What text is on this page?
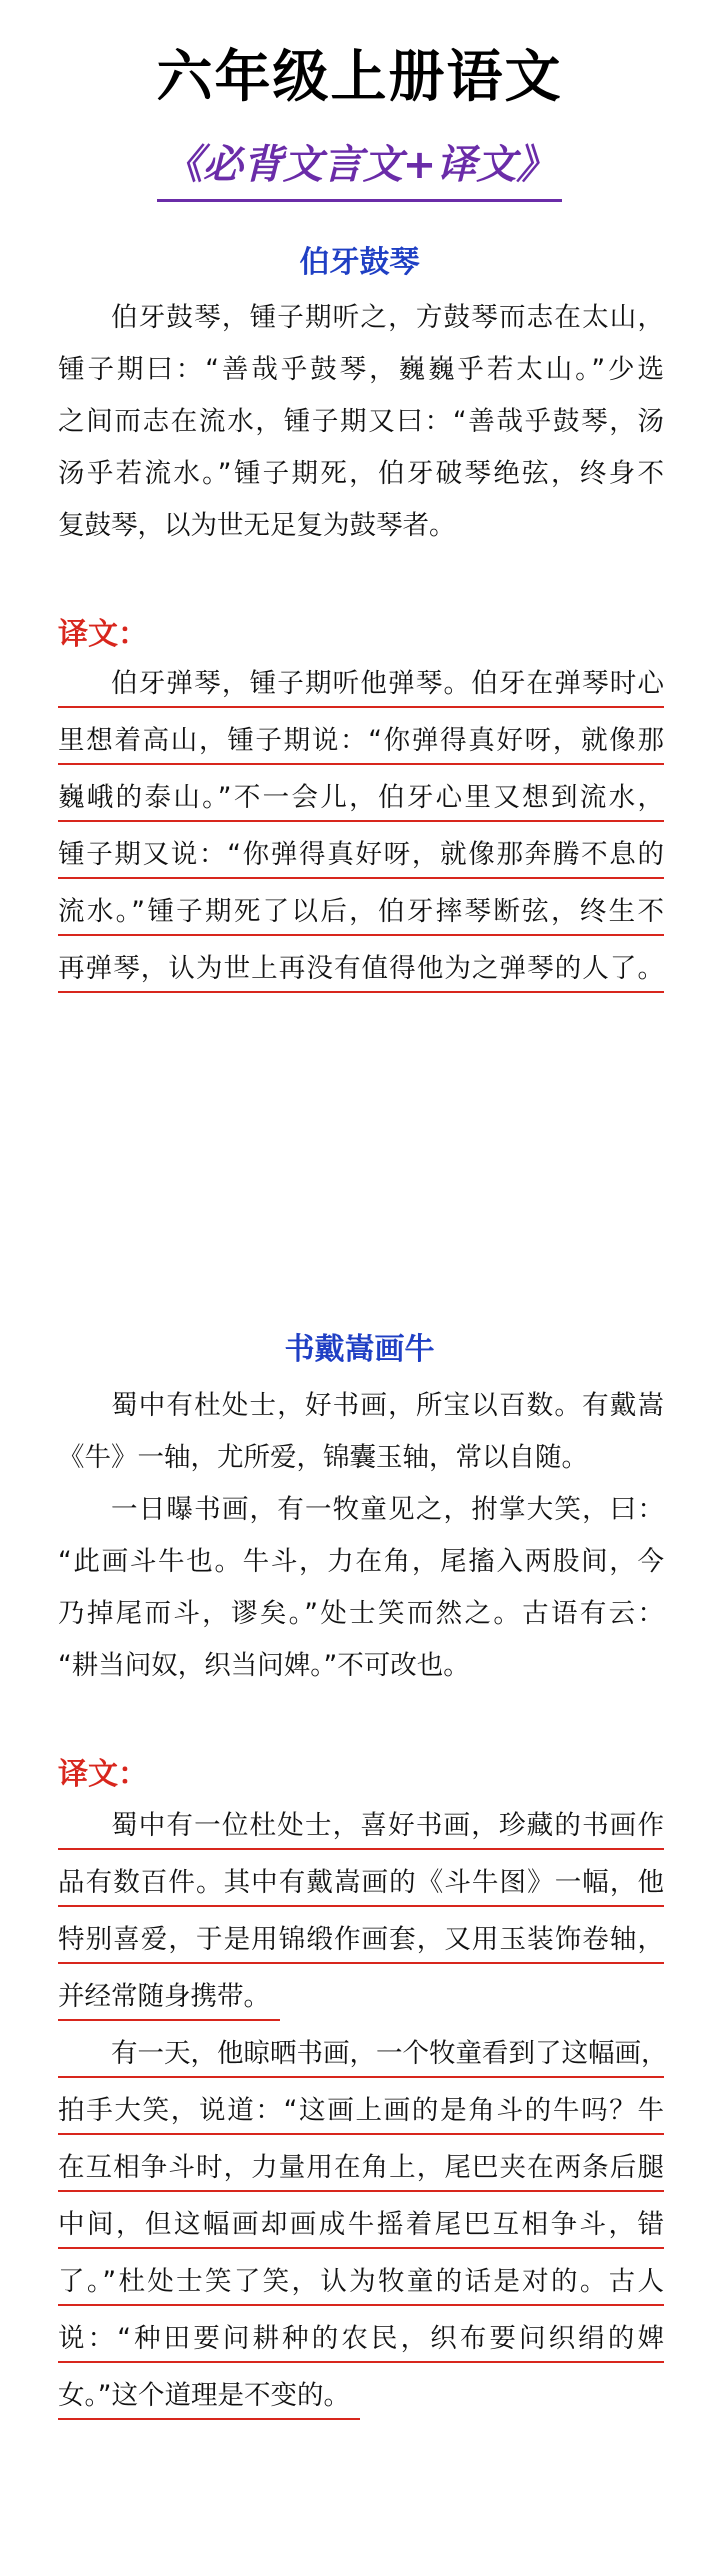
六年级上册语文
《必背文言文+译文》
伯牙鼓琴
伯牙鼓琴，锺子期听之，方鼓琴而志在太山，
锺子期曰：“善哉乎鼓琴，巍巍乎若太山。”少选
之间而志在流水，锺子期又曰：“善哉乎鼓琴，汤
汤乎若流水。”锺子期死，伯牙破琴绝弦，终身不
复鼓琴，以为世无足复为鼓琴者。
译文：
伯牙弹琴，锺子期听他弹琴。伯牙在弹琴时心
里想着高山，锺子期说：“你弹得真好呀，就像那
巍峨的泰山。”不一会儿，伯牙心里又想到流水，
锺子期又说：“你弹得真好呀，就像那奔腾不息的
流水。”锺子期死了以后，伯牙摔琴断弦，终生不
再弹琴，认为世上再没有值得他为之弹琴的人了。
书戴嵩画牛
蜀中有杜处士，好书画，所宝以百数。有戴嵩
《牛》一轴，尤所爱，锦囊玉轴，常以自随。
一日曝书画，有一牧童见之，拊掌大笑，曰：
“此画斗牛也。牛斗，力在角，尾搐入两股间，今
乃掉尾而斗，谬矣。”处士笑而然之。古语有云：
“耕当问奴，织当问婢。”不可改也。
译文：
蜀中有一位杜处士，喜好书画，珍藏的书画作
品有数百件。其中有戴嵩画的《斗牛图》一幅，他
特别喜爱，于是用锦缎作画套，又用玉装饰卷轴，
并经常随身携带。
有一天，他晾晒书画，一个牧童看到了这幅画，
拍手大笑，说道：“这画上画的是角斗的牛吗？牛
在互相争斗时，力量用在角上，尾巴夹在两条后腿
中间，但这幅画却画成牛摇着尾巴互相争斗，错
了。”杜处士笑了笑，认为牧童的话是对的。古人
说：“种田要问耕种的农民，织布要问织绢的婢
女。”这个道理是不变的。
